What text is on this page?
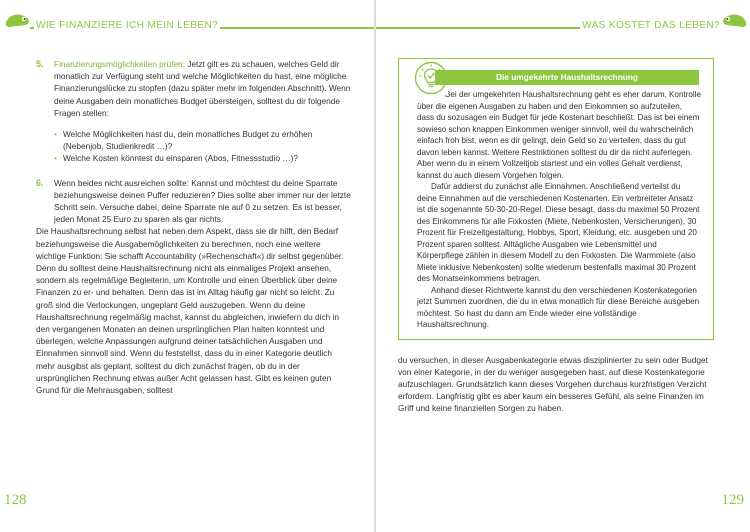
WIE FINANZIERE ICH MEIN LEBEN?	WAS KOSTET DAS LEBEN?
5. Finanzierungsmöglichkeiten prüfen: Jetzt gilt es zu schauen, welches Geld dir monatlich zur Verfügung steht und welche Möglichkeiten du hast, eine mögliche Finanzierungslücke zu stopfen (dazu später mehr im folgenden Abschnitt). Wenn deine Ausgaben dein monatliches Budget übersteigen, solltest du dir folgende Fragen stellen:

• Welche Möglichkeiten hast du, dein monatliches Budget zu erhöhen (Nebenjob, Studienkredit …)?
• Welche Kosten könntest du einsparen (Abos, Fitnessstudio …)?
6. Wenn beides nicht ausreichen sollte: Kannst und möchtest du deine Sparrate beziehungsweise deinen Puffer reduzieren? Dies sollte aber immer nur der letzte Schritt sein. Versuche dabei, deine Sparrate nie auf 0 zu setzen. Es ist besser, jeden Monat 25 Euro zu sparen als gar nichts.

Die Haushaltsrechnung selbst hat neben dem Aspekt, dass sie dir hilft, den Bedarf beziehungsweise die Ausgabemöglichkeiten zu berechnen, noch eine weitere wichtige Funktion: Sie schafft Accountability (»Rechenschaft«) dir selbst gegenüber. Denn du solltest deine Haushaltsrechnung nicht als einmaliges Projekt ansehen, sondern als regelmäßige Begleiterin, um Kontrolle und einen Überblick über deine Finanzen zu er- und behalten. Denn das ist im Alltag häufig gar nicht so leicht. Zu groß sind die Verlockungen, ungeplant Geld auszugeben. Wenn du deine Haushaltsrechnung regelmäßig machst, kannst du abgleichen, inwiefern du dich in den vergangenen Monaten an deinen ursprünglichen Plan halten konntest und überlegen, welche Anpassungen aufgrund deiner tatsächlichen Ausgaben und Einnahmen sinnvoll sind. Wenn du feststellst, dass du in einer Kategorie deutlich mehr ausgibst als geplant, solltest du dich zunächst fragen, ob du in der ursprünglichen Rechnung etwas außer Acht gelassen hast. Gibt es keinen guten Grund für die Mehrausgaben, solltest

Die umgekehrte Haushaltsrechnung

Bei der umgekehrten Haushaltsrechnung geht es eher darum, Kontrolle über die eigenen Ausgaben zu haben und den Einkommen so aufzuteilen, dass du sozusagen ein Budget für jede Kostenart beschließt. Das ist bei einem sowieso schon knappen Einkommen weniger sinnvoll, weil du wahrscheinlich einfach froh bist, wenn es dir gelingt, dein Geld so zu verteilen, dass du gut davon leben kannst. Weitere Restriktionen solltest du dir da nicht auferlegen. Aber wenn du in einem Vollzeitjob startest und ein volles Gehalt verdienst, kannst du auch diesem Vorgehen folgen.

Dafür addierst du zunächst alle Einnahmen. Anschließend verteilst du deine Einnahmen auf die verschiedenen Kostenarten. Ein verbreiteter Ansatz ist die sogenannte 50-30-20-Regel. Diese besagt, dass du maximal 50 Prozent des Einkommens für alle Fixkosten (Miete, Nebenkosten, Versicherungen), 30 Prozent für Freizeitgestaltung, Hobbys, Sport, Kleidung, etc. ausgeben und 20 Prozent sparen solltest. Alltägliche Ausgaben wie Lebensmittel und Körperpflege zählen in diesem Modell zu den Fixkosten. Die Warmmiete (also Miete inklusive Nebenkosten) sollte wiederum bestenfalls maximal 30 Prozent des Monatseinkommens betragen.

Anhand dieser Richtwerte kannst du den verschiedenen Kostenkategorien jetzt Summen zuordnen, die du in etwa monatlich für diese Bereiche ausgeben möchtest. So hast du dann am Ende wieder eine vollständige Haushaltsrechnung.

du versuchen, in dieser Ausgabenkategorie etwas disziplinierter zu sein oder Budget von einer Kategorie, in der du weniger ausgegeben hast, auf diese Kostenkategorie aufzuschlagen. Grundsätzlich kann dieses Vorgehen durchaus kurzfristigen Verzicht erfordern. Langfristig gibt es aber kaum ein besseres Gefühl, als seine Finanzen im Griff und keine finanziellen Sorgen zu haben.

128	129
